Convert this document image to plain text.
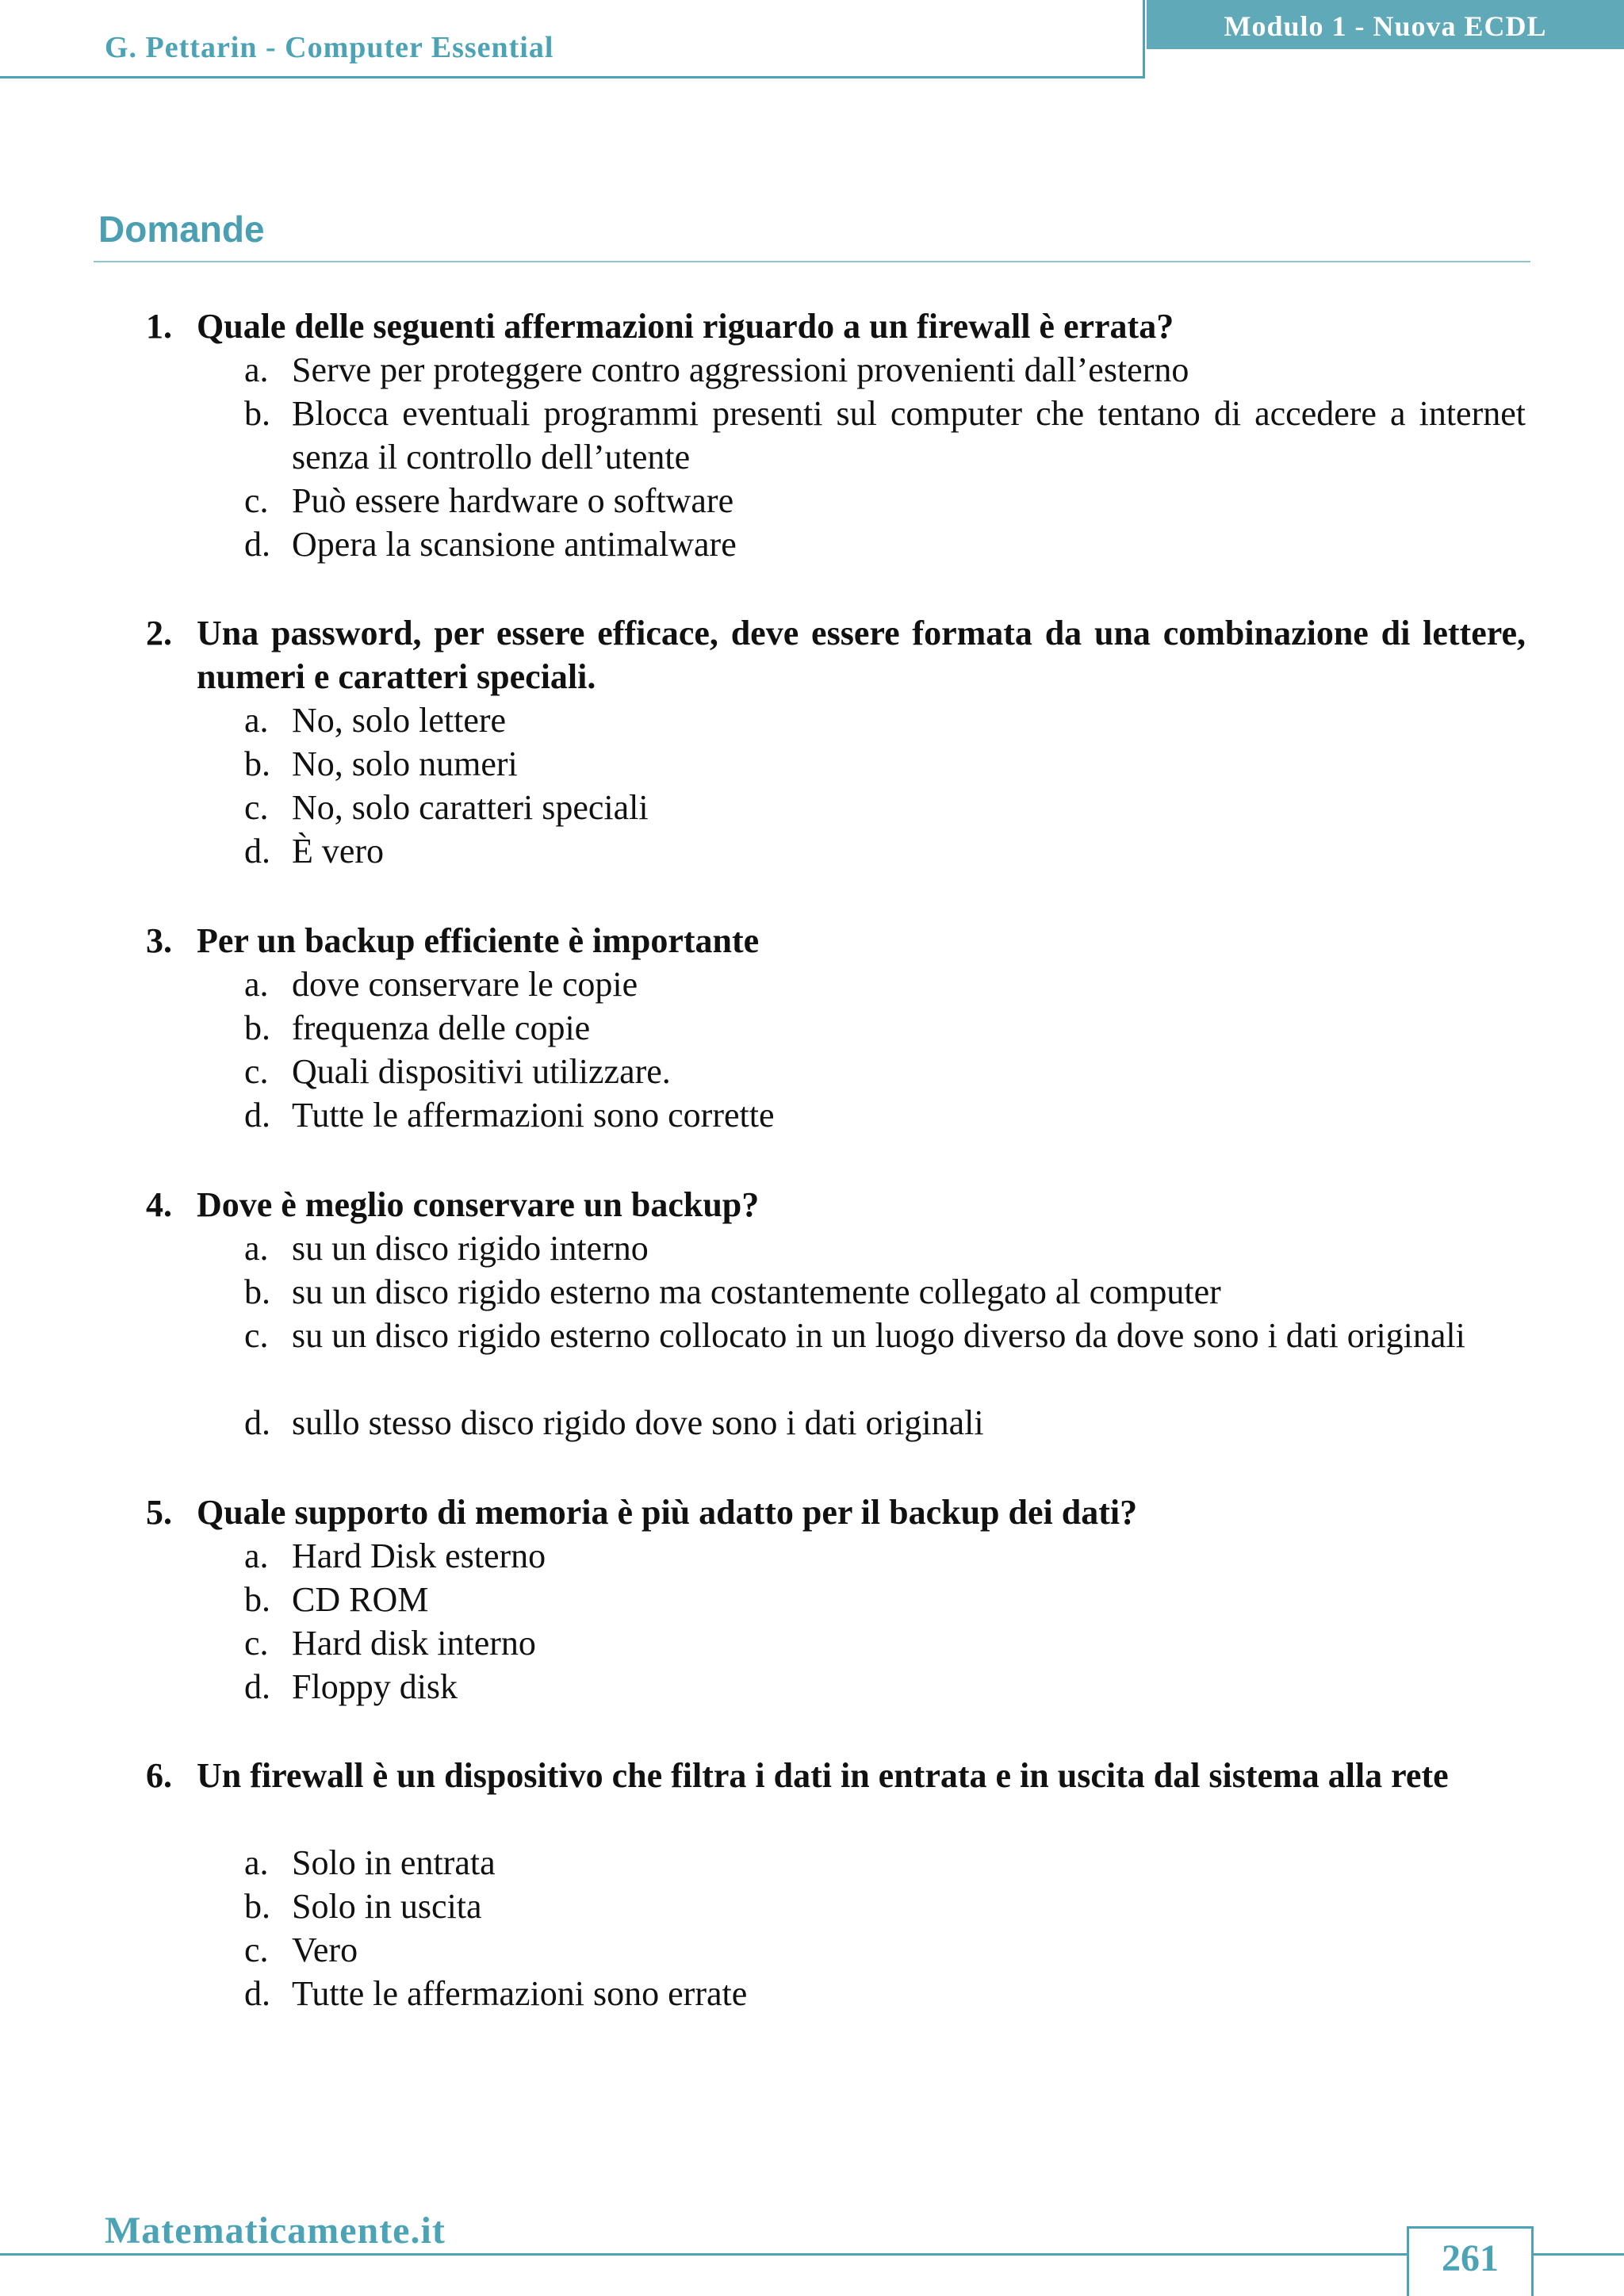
G. Pettarin - Computer Essential
Modulo 1 - Nuova ECDL
Domande
1. Quale delle seguenti affermazioni riguardo a un firewall è errata?
a. Serve per proteggere contro aggressioni provenienti dall’esterno
b. Blocca eventuali programmi presenti sul computer che tentano di accedere a internet senza il controllo dell’utente
c. Può essere hardware o software
d. Opera la scansione antimalware
2. Una password, per essere efficace, deve essere formata da una combinazione di lettere, numeri e caratteri speciali.
a. No, solo lettere
b. No, solo numeri
c. No, solo caratteri speciali
d. È vero
3. Per un backup efficiente è importante
a. dove conservare le copie
b. frequenza delle copie
c. Quali dispositivi utilizzare.
d. Tutte le affermazioni sono corrette
4. Dove è meglio conservare un backup?
a. su un disco rigido interno
b. su un disco rigido esterno ma costantemente collegato al computer
c. su un disco rigido esterno collocato in un luogo diverso da dove sono i dati originali
d. sullo stesso disco rigido dove sono i dati originali
5. Quale supporto di memoria è più adatto per il backup dei dati?
a. Hard Disk esterno
b. CD ROM
c. Hard disk interno
d. Floppy disk
6. Un firewall è un dispositivo che filtra i dati in entrata e in uscita dal sistema alla rete
a. Solo in entrata
b. Solo in uscita
c. Vero
d. Tutte le affermazioni sono errate
Matematicamente.it
261
